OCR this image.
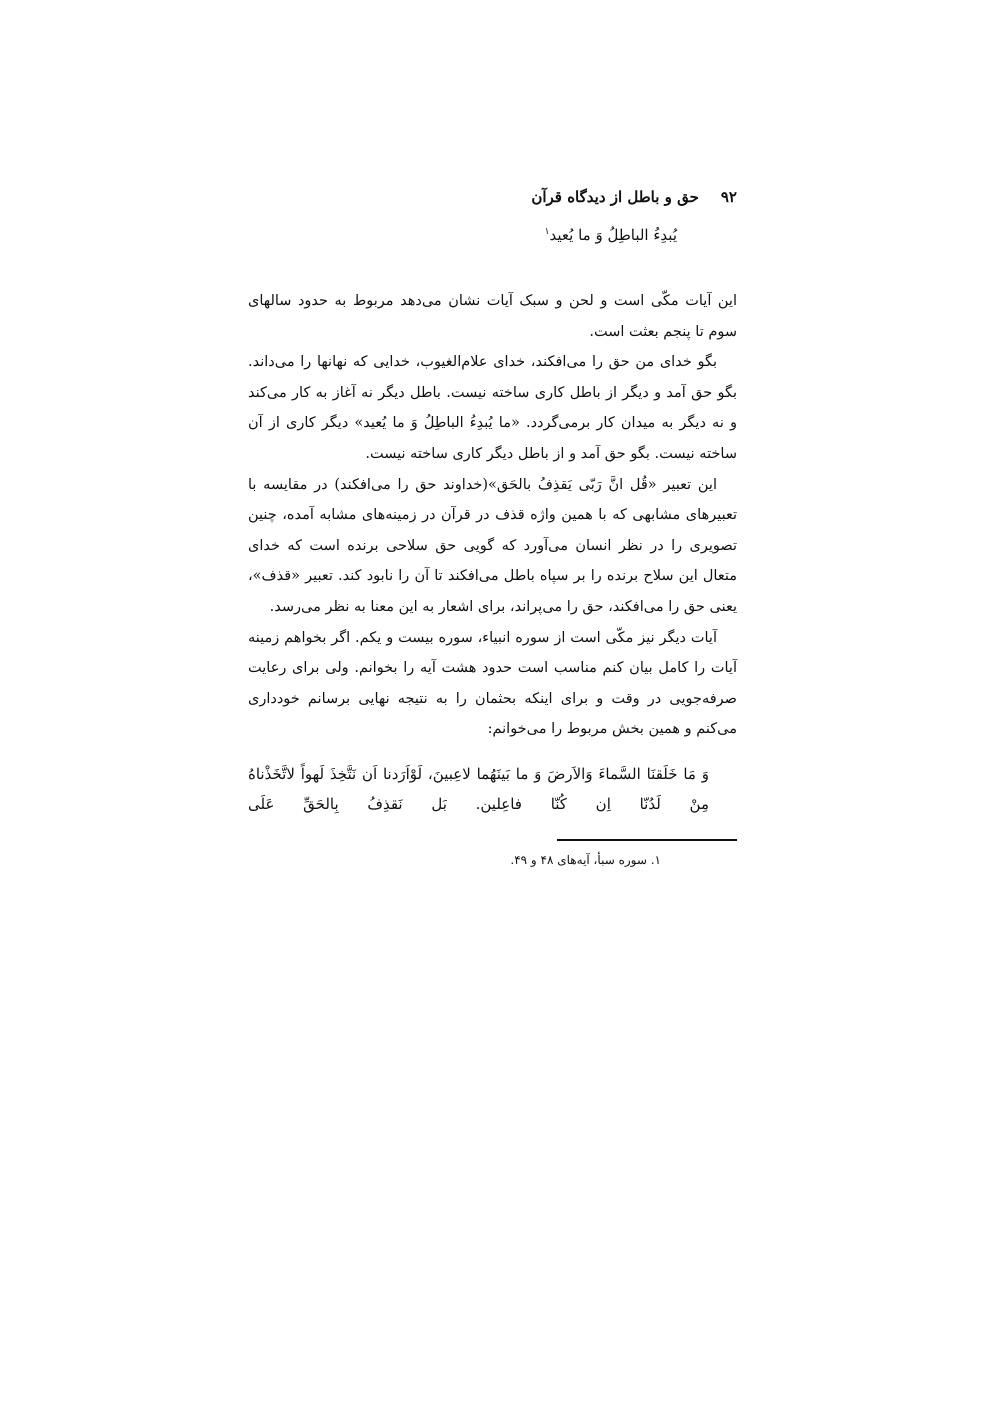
۹۲
حق و باطل از دیدگاه قرآن
يُبدِءُ الباطِلُ وَ ما يُعيد$^۱$

این آیات مکّی است و لحن و سبک آیات نشان می‌دهد مربوط به حدود سالهای سوم تا پنجم بعثت است.

بگو خدای من حق را می‌افکند، خدای علام‌الغیوب، خدایی که نهانها را می‌داند. بگو حق آمد و دیگر از باطل کاری ساخته نیست. باطل دیگر نه آغاز به کار می‌کند و نه دیگر به میدان کار برمی‌گردد. «ما يُبدِءُ الباطِلُ وَ ما يُعيد» دیگر کاری از آن ساخته نیست. بگو حق آمد و از باطل دیگر کاری ساخته نیست.

این تعبیر «قُل انَّ رَبّی يَقذِفُ بالحَق»(خداوند حق را می‌افکند) در مقایسه با تعبیرهای مشابهی که با همین واژه قذف در قرآن در زمینه‌های مشابه آمده، چنین تصویری را در نظر انسان می‌آورد که گویی حق سلاحی برنده است که خدای متعال این سلاح برنده را بر سپاه باطل می‌افکند تا آن را نابود کند. تعبیر «قذف»، یعنی حق را می‌افکند، حق را می‌پراند، برای اشعار به این معنا به نظر می‌رسد.

آیات دیگر نیز مکّی است از سوره انبیاء، سوره بیست و یکم. اگر بخواهم زمینه آیات را کامل بیان کنم مناسب است حدود هشت آیه را بخوانم. ولی برای رعایت صرفه‌جویی در وقت و برای اینکه بحثمان را به نتیجه نهایی برسانم خودداری می‌کنم و همین بخش مربوط را می‌خوانم:

وَ مَا خَلَقنَا السَّماءَ وَالاَرضَ وَ ما بَينَهُما لاعِبينَ، لَوْاَرَدنا اَن نَتَّخِذَ لَهواً لاتَّخَذْناهُ مِنْ لَدُنّا اِن كُنّا فاعِلين. بَل نَقذِفُ بِالحَقِّ عَلَى
۱. سوره سبأ، آیه‌های ۴۸ و ۴۹.
